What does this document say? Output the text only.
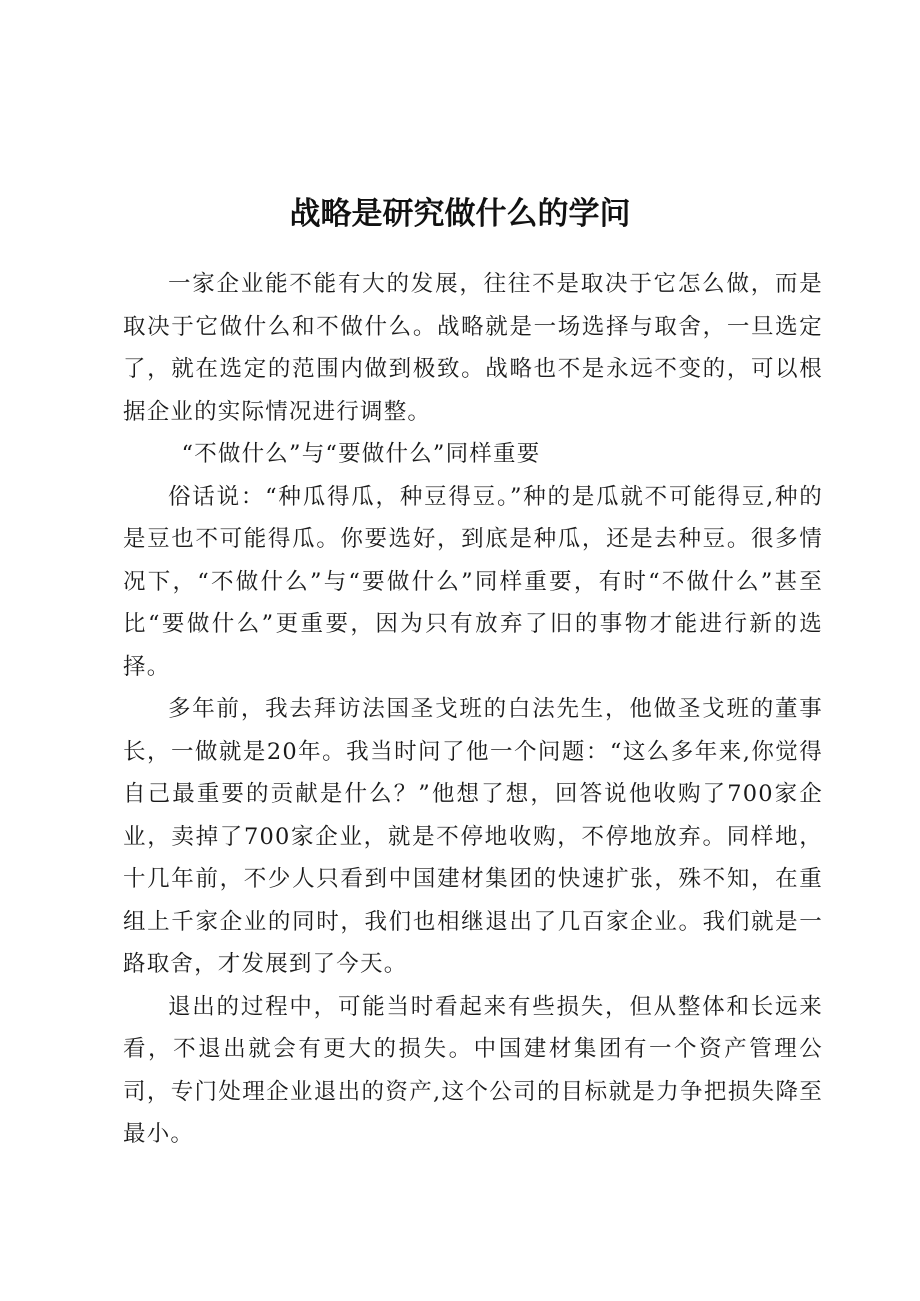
战略是研究做什么的学问

一家企业能不能有大的发展，往往不是取决于它怎么做，而是取决于它做什么和不做什么。战略就是一场选择与取舍，一旦选定了，就在选定的范围内做到极致。战略也不是永远不变的，可以根据企业的实际情况进行调整。

“不做什么”与“要做什么”同样重要

俗话说：“种瓜得瓜，种豆得豆。”种的是瓜就不可能得豆,种的是豆也不可能得瓜。你要选好，到底是种瓜，还是去种豆。很多情况下，“不做什么”与“要做什么”同样重要，有时“不做什么”甚至比“要做什么”更重要，因为只有放弃了旧的事物才能进行新的选择。

多年前，我去拜访法国圣戈班的白法先生，他做圣戈班的董事长，一做就是20年。我当时问了他一个问题：“这么多年来,你觉得自己最重要的贡献是什么？”他想了想，回答说他收购了700家企业，卖掉了700家企业，就是不停地收购，不停地放弃。同样地，十几年前，不少人只看到中国建材集团的快速扩张，殊不知，在重组上千家企业的同时，我们也相继退出了几百家企业。我们就是一路取舍，才发展到了今天。

退出的过程中，可能当时看起来有些损失，但从整体和长远来看，不退出就会有更大的损失。中国建材集团有一个资产管理公司，专门处理企业退出的资产,这个公司的目标就是力争把损失降至最小。
